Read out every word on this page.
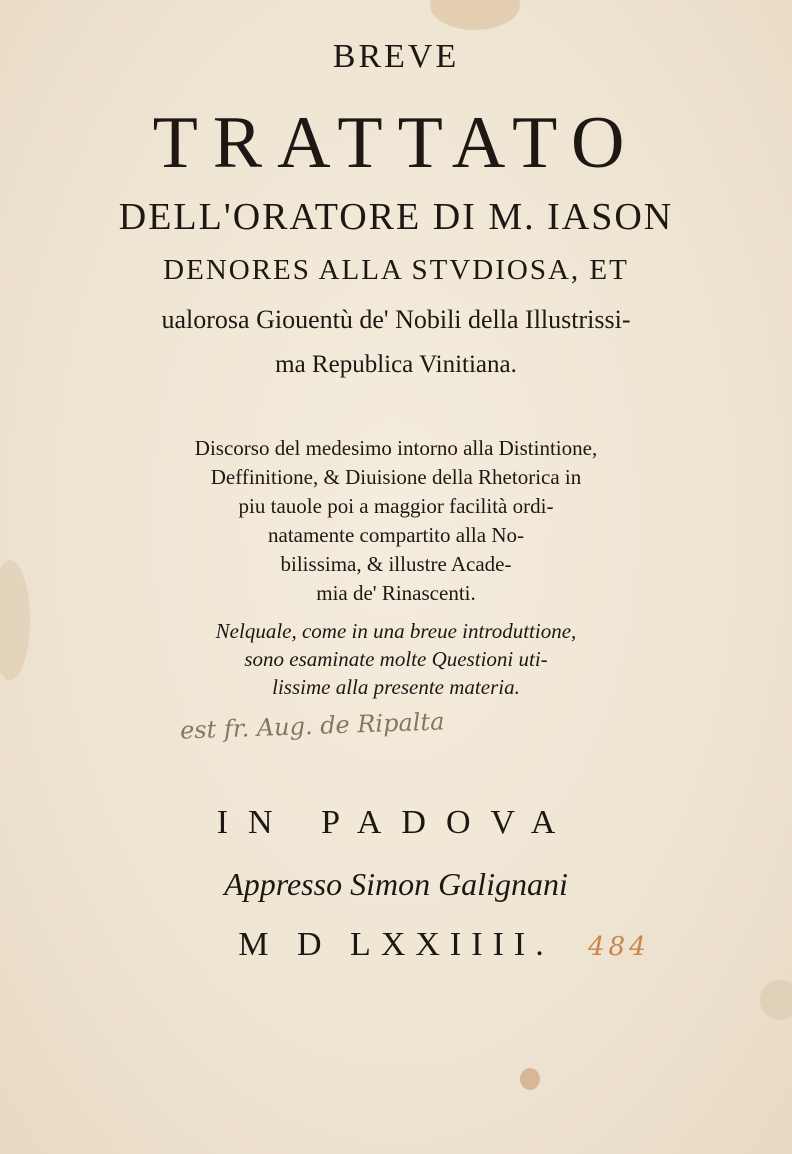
BREVE
TRATTATO
DELL'ORATORE DI M. IASON
DENORES ALLA STVDIOSA, ET
ualorosa Giouentù de' Nobili della Illustrissi-
ma Republica Vinitiana.
Discorso del medesimo intorno alla Distintione,
Deffinitione, & Diuisione della Rhetorica in
piu tauole poi a maggior facilità ordi-
natamente compartito alla No-
bilissima, & illustre Acade-
mia de' Rinascenti.
Nelquale, come in una breue introduttione,
sono esaminate molte Questioni uti-
lissime alla presente materia.
est fr. Aug. de Ripalta
IN PADOVA
Appresso Simon Galignani
M D LXXIIII.	484
